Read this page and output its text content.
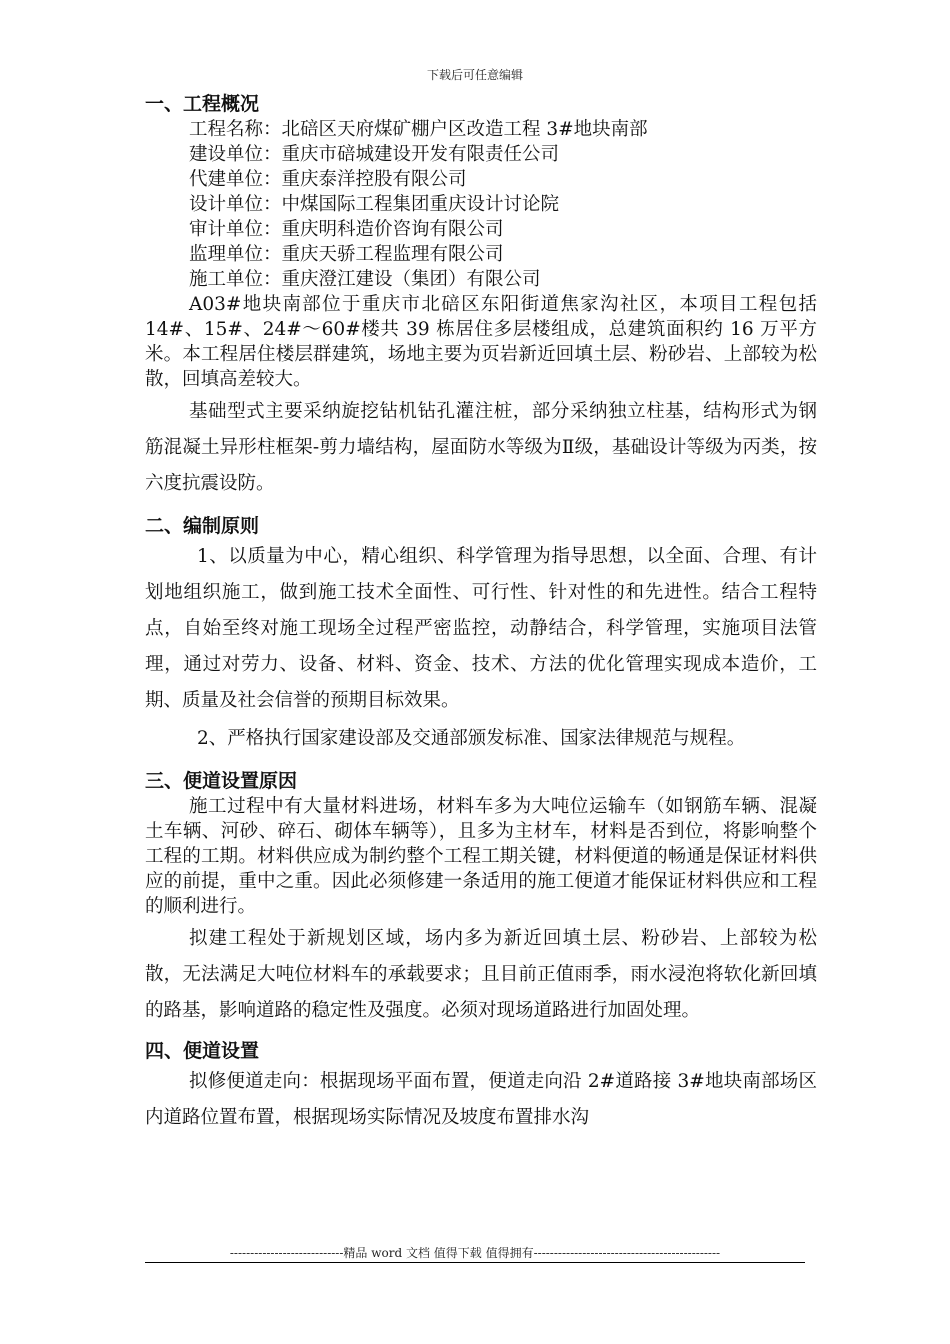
下载后可任意编辑

一、工程概况

工程名称：北碚区天府煤矿棚户区改造工程 3#地块南部

建设单位：重庆市碚城建设开发有限责任公司

代建单位：重庆泰洋控股有限公司

设计单位：中煤国际工程集团重庆设计讨论院

审计单位：重庆明科造价咨询有限公司

监理单位：重庆天骄工程监理有限公司

施工单位：重庆澄江建设（集团）有限公司

A03#地块南部位于重庆市北碚区东阳街道焦家沟社区，本项目工程包括 14#、15#、24#～60#楼共 39 栋居住多层楼组成，总建筑面积约 16 万平方米。本工程居住楼层群建筑，场地主要为页岩新近回填土层、粉砂岩、上部较为松散，回填高差较大。

基础型式主要采纳旋挖钻机钻孔灌注桩，部分采纳独立柱基，结构形式为钢筋混凝土异形柱框架-剪力墙结构，屋面防水等级为Ⅱ级，基础设计等级为丙类，按六度抗震设防。

二、编制原则

1、以质量为中心，精心组织、科学管理为指导思想，以全面、合理、有计划地组织施工，做到施工技术全面性、可行性、针对性的和先进性。结合工程特点，自始至终对施工现场全过程严密监控，动静结合，科学管理，实施项目法管理，通过对劳力、设备、材料、资金、技术、方法的优化管理实现成本造价，工期、质量及社会信誉的预期目标效果。

2、严格执行国家建设部及交通部颁发标准、国家法律规范与规程。

三、便道设置原因

施工过程中有大量材料进场，材料车多为大吨位运输车（如钢筋车辆、混凝土车辆、河砂、碎石、砌体车辆等），且多为主材车，材料是否到位，将影响整个工程的工期。材料供应成为制约整个工程工期关键，材料便道的畅通是保证材料供应的前提，重中之重。因此必须修建一条适用的施工便道才能保证材料供应和工程的顺利进行。

拟建工程处于新规划区域，场内多为新近回填土层、粉砂岩、上部较为松散，无法满足大吨位材料车的承载要求；且目前正值雨季，雨水浸泡将软化新回填的路基，影响道路的稳定性及强度。必须对现场道路进行加固处理。

四、便道设置

拟修便道走向：根据现场平面布置，便道走向沿 2#道路接 3#地块南部场区内道路位置布置，根据现场实际情况及坡度布置排水沟

----------------------------精品 word 文档 值得下载 值得拥有----------------------------------------------
